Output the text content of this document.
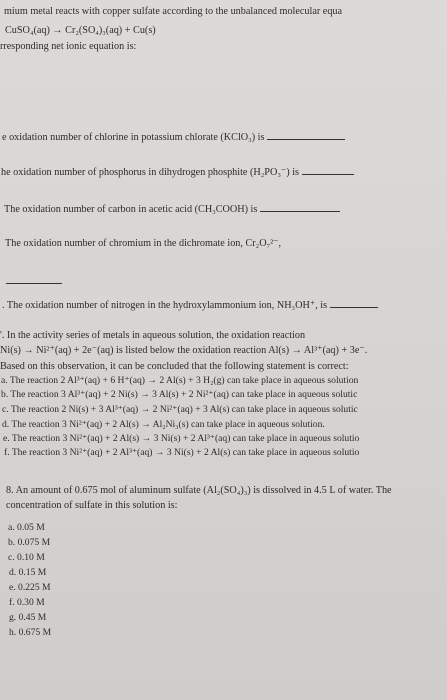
mium metal reacts with copper sulfate according to the unbalanced molecular equa
CuSO₄(aq) → Cr₂(SO₄)₃(aq) + Cu(s)
rresponding net ionic equation is:
e oxidation number of chlorine in potassium chlorate (KClO₃) is
he oxidation number of phosphorus in dihydrogen phosphite (H₂PO₃⁻) is
The oxidation number of carbon in acetic acid (CH₃COOH) is
The oxidation number of chromium in the dichromate ion, Cr₂O₇²⁻,
. The oxidation number of nitrogen in the hydroxylammonium ion, NH₃OH⁺, is
'. In the activity series of metals in aqueous solution, the oxidation reaction
Ni(s) → Ni²⁺(aq) + 2e⁻(aq) is listed below the oxidation reaction Al(s) → Al³⁺(aq) + 3e⁻.
Based on this observation, it can be concluded that the following statement is correct:
a. The reaction 2 Al³⁺(aq) + 6 H⁺(aq) → 2 Al(s) + 3 H₂(g) can take place in aqueous solution
b. The reaction 3 Al³⁺(aq) + 2 Ni(s) → 3 Al(s) + 2 Ni²⁺(aq) can take place in aqueous solutic
c. The reaction 2 Ni(s) + 3 Al³⁺(aq) → 2 Ni²⁺(aq) + 3 Al(s) can take place in aqueous solutic
d. The reaction 3 Ni²⁺(aq) + 2 Al(s) → Al₂Ni₃(s) can take place in aqueous solution.
e. The reaction 3 Ni²⁺(aq) + 2 Al(s) → 3 Ni(s) + 2 Al³⁺(aq) can take place in aqueous solutio
f. The reaction 3 Ni²⁺(aq) + 2 Al³⁺(aq) → 3 Ni(s) + 2 Al(s) can take place in aqueous solutio
8. An amount of 0.675 mol of aluminum sulfate (Al₂(SO₄)₃) is dissolved in 4.5 L of water. The
concentration of sulfate in this solution is:
a. 0.05 M
b. 0.075 M
c. 0.10 M
d. 0.15 M
e. 0.225 M
f. 0.30 M
g. 0.45 M
h. 0.675 M
